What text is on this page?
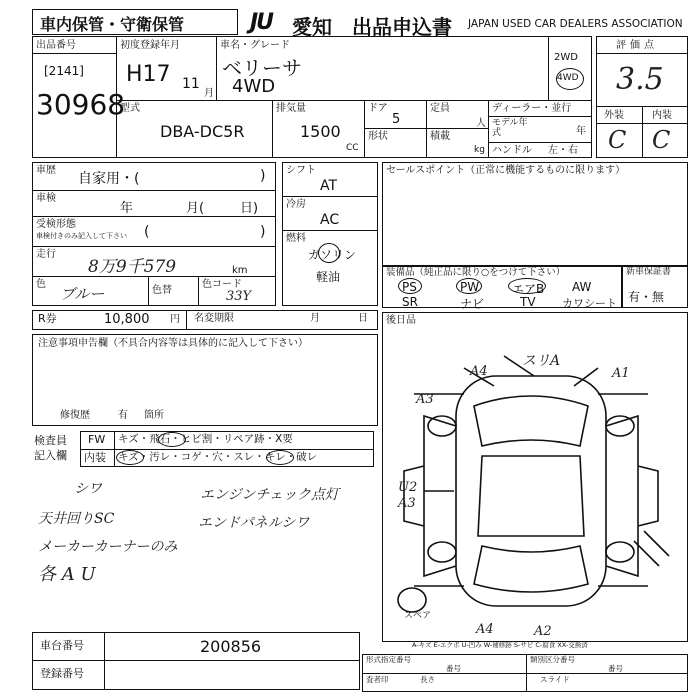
車内保管・守衛保管	JU 愛知 出品申込書 JAPAN USED CAR DEALERS ASSOCIATION
出品番号
[2141]
30968
初度登録年月
H17 11
月
車名・グレード
ベリーサ
4WD
2WD
4WD
型式
DBA-DC5R
排気量
1500
CC
ドア
5
形状
定員
人
積載
kg
ディーラー・並行
モデル年式	年
ハンドル 左・右
評価点
3.5
外装	内装
C C
車歴
自家用・(	)
車検
年	月(	日)
受検形態
車検付きのみ記入して下さい (	)
走行
8万9千579	km
色
ブルー	色替
色コード
33Y
シフト
AT
冷房
AC
燃料
ガソリン
軽油
セールスポイント（正常に機能するものに限ります）
装備品（純正品に限り○をつけて下さい）
PS	PW	エアB AW
SR	ナビ	TV カワシート
新車保証書
有・無
R券	10,800 円 名変期限	月	日 後日品
注意事項申告欄（不具合内容等は具体的に記入して下さい）
修復歴	有 箇所
検査員
記入欄
FW キズ・飛石・ヒビ割・リペア跡・X要
内装 キズ・汚レ・コゲ・穴・スレ・キレ・破レ
シワ	エンジンチェック点灯
天井回りSC	エンドパネルシワ
メーカーカーナーのみ
各 A U
スリA
A4	A1
A3
U2
A3
A4	A2
スペア
A-キズ E-エクボ U-凹み W-補修跡 S-サビ C-腐食 XX-交換済
車台番号	200856
登録番号
形式指定番号
番号
類別区分番号
番号
査者印	長さ	スライド
